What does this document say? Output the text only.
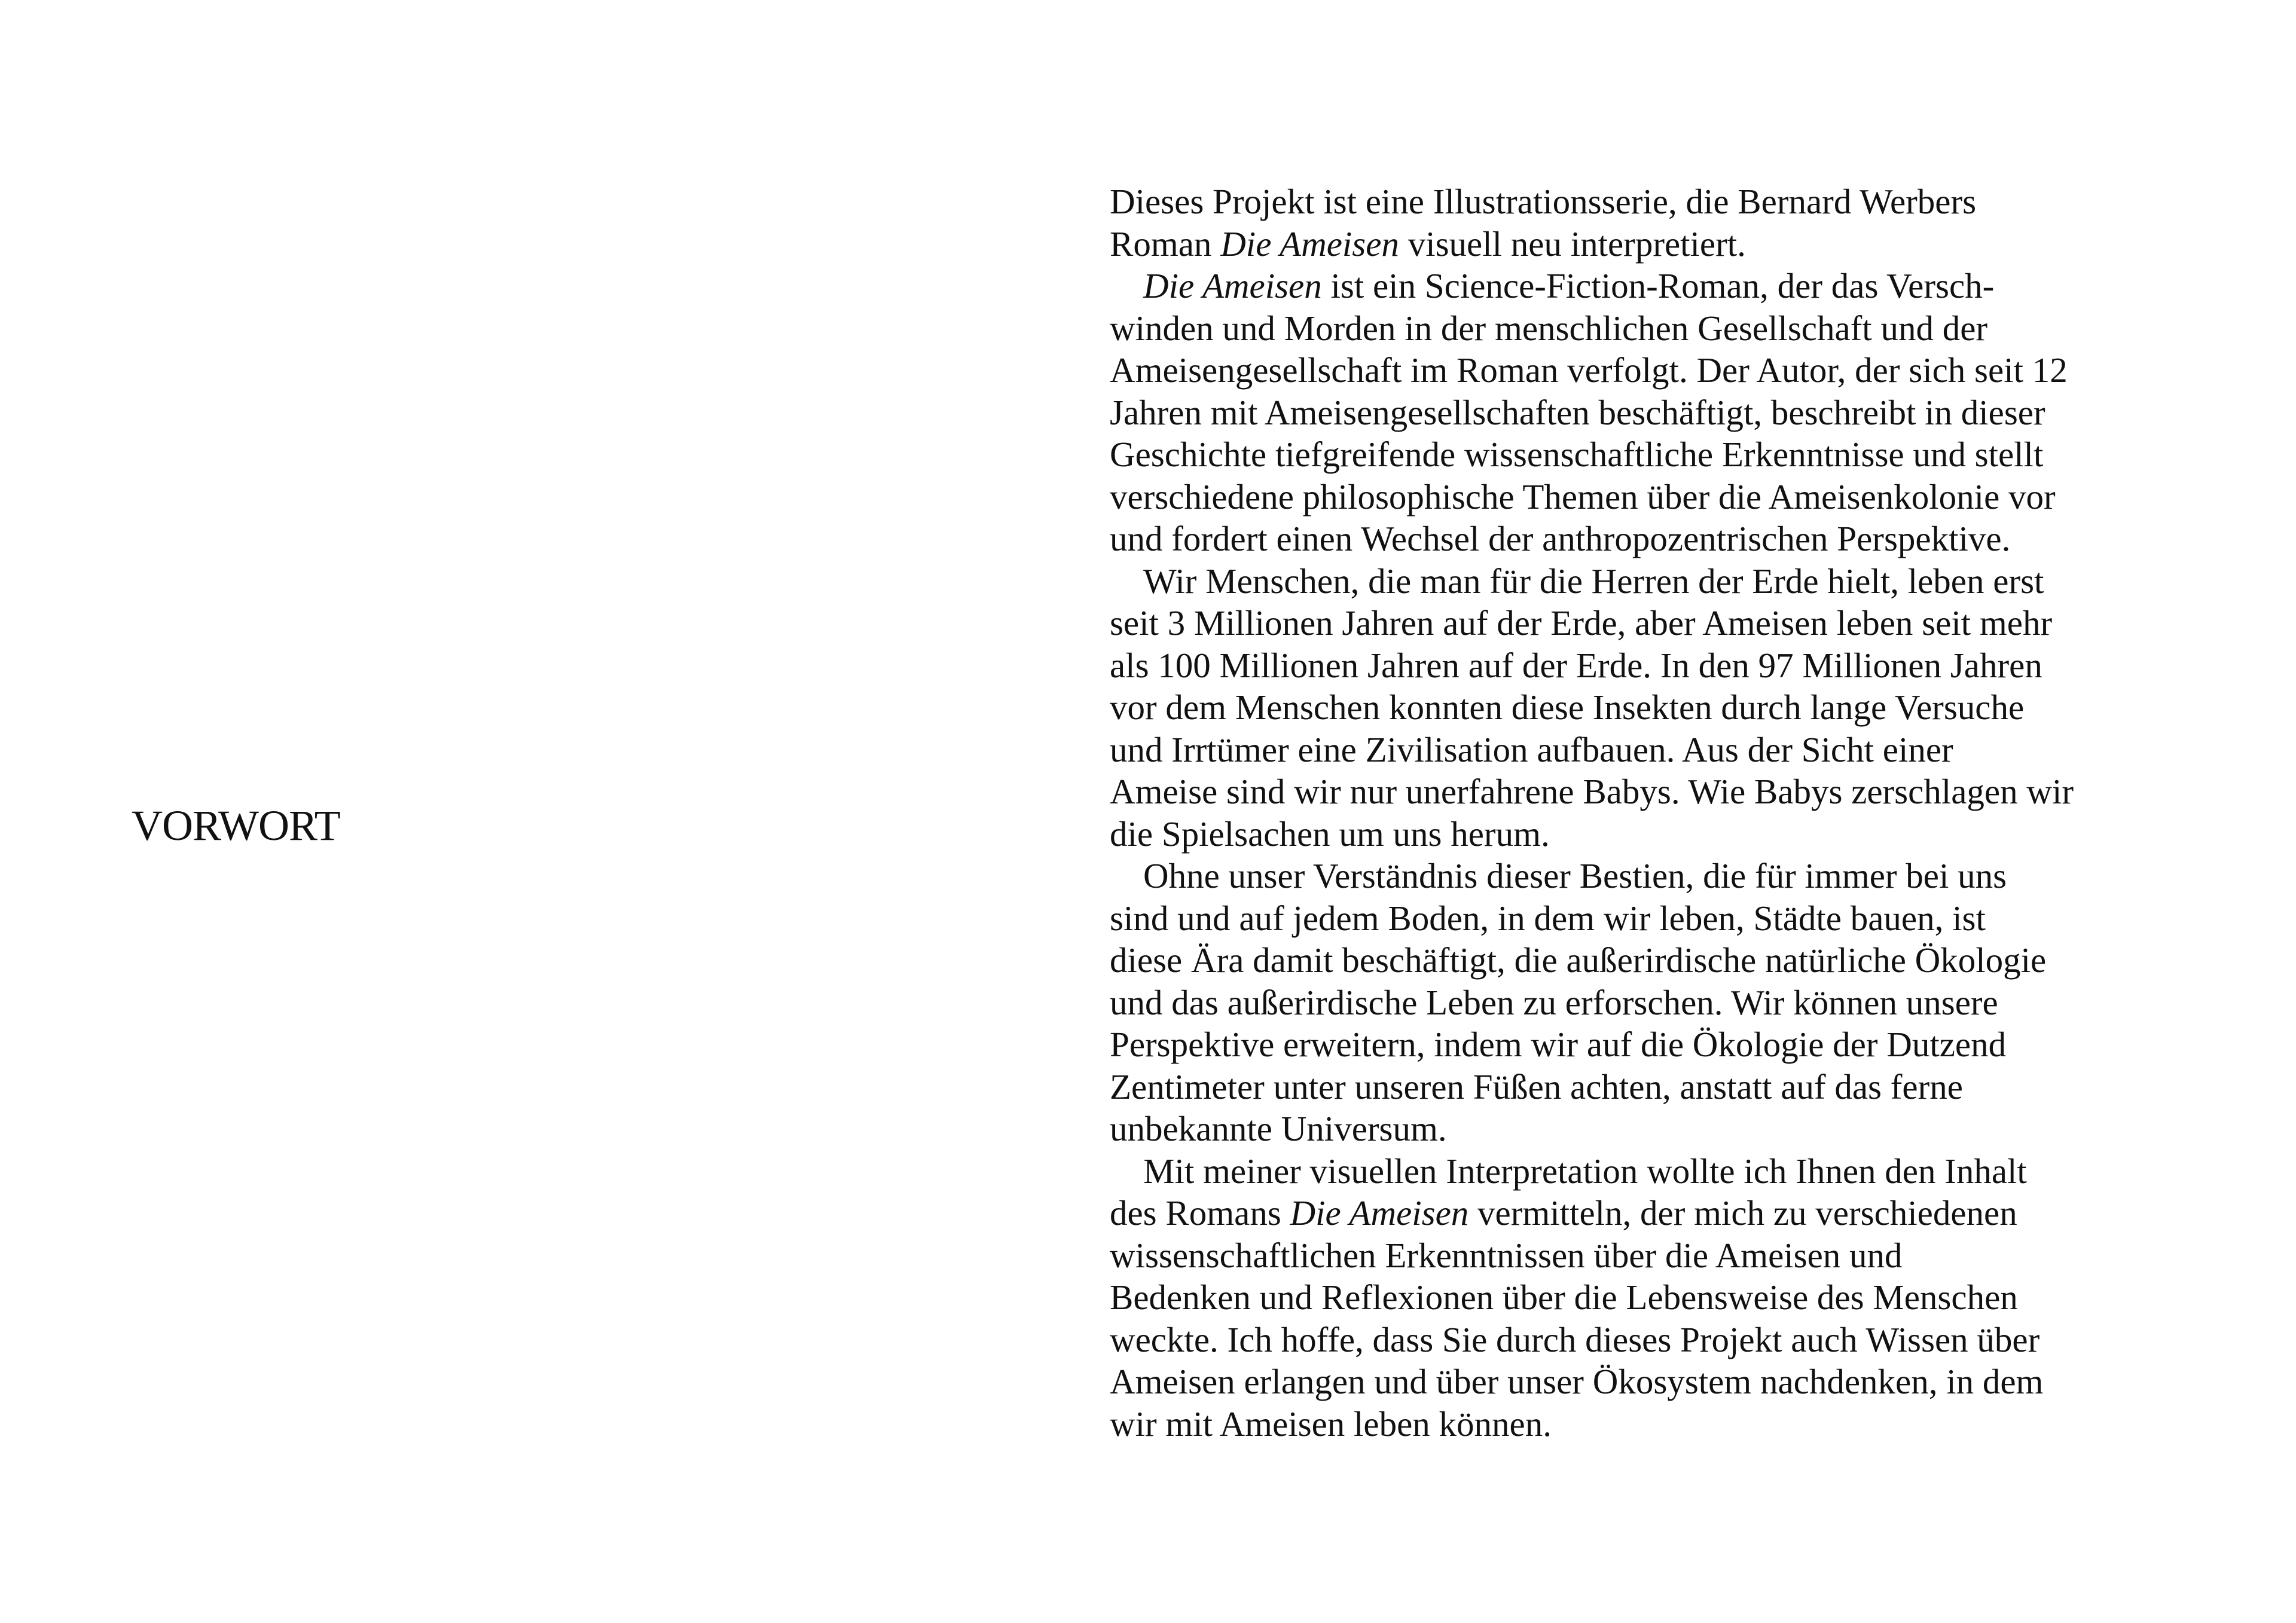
VORWORT

Dieses Projekt ist eine Illustrationsserie, die Bernard Werbers
Roman Die Ameisen visuell neu interpretiert.

Die Ameisen ist ein Science-Fiction-Roman, der das Versch-
winden und Morden in der menschlichen Gesellschaft und der
Ameisengesellschaft im Roman verfolgt. Der Autor, der sich seit 12
Jahren mit Ameisengesellschaften beschäftigt, beschreibt in dieser
Geschichte tiefgreifende wissenschaftliche Erkenntnisse und stellt
verschiedene philosophische Themen über die Ameisenkolonie vor
und fordert einen Wechsel der anthropozentrischen Perspektive.

Wir Menschen, die man für die Herren der Erde hielt, leben erst
seit 3 Millionen Jahren auf der Erde, aber Ameisen leben seit mehr
als 100 Millionen Jahren auf der Erde. In den 97 Millionen Jahren
vor dem Menschen konnten diese Insekten durch lange Versuche
und Irrtümer eine Zivilisation aufbauen. Aus der Sicht einer
Ameise sind wir nur unerfahrene Babys. Wie Babys zerschlagen wir
die Spielsachen um uns herum.

Ohne unser Verständnis dieser Bestien, die für immer bei uns
sind und auf jedem Boden, in dem wir leben, Städte bauen, ist
diese Ära damit beschäftigt, die außerirdische natürliche Ökologie
und das außerirdische Leben zu erforschen. Wir können unsere
Perspektive erweitern, indem wir auf die Ökologie der Dutzend
Zentimeter unter unseren Füßen achten, anstatt auf das ferne
unbekannte Universum.

Mit meiner visuellen Interpretation wollte ich Ihnen den Inhalt
des Romans Die Ameisen vermitteln, der mich zu verschiedenen
wissenschaftlichen Erkenntnissen über die Ameisen und
Bedenken und Reflexionen über die Lebensweise des Menschen
weckte. Ich hoffe, dass Sie durch dieses Projekt auch Wissen über
Ameisen erlangen und über unser Ökosystem nachdenken, in dem
wir mit Ameisen leben können.
